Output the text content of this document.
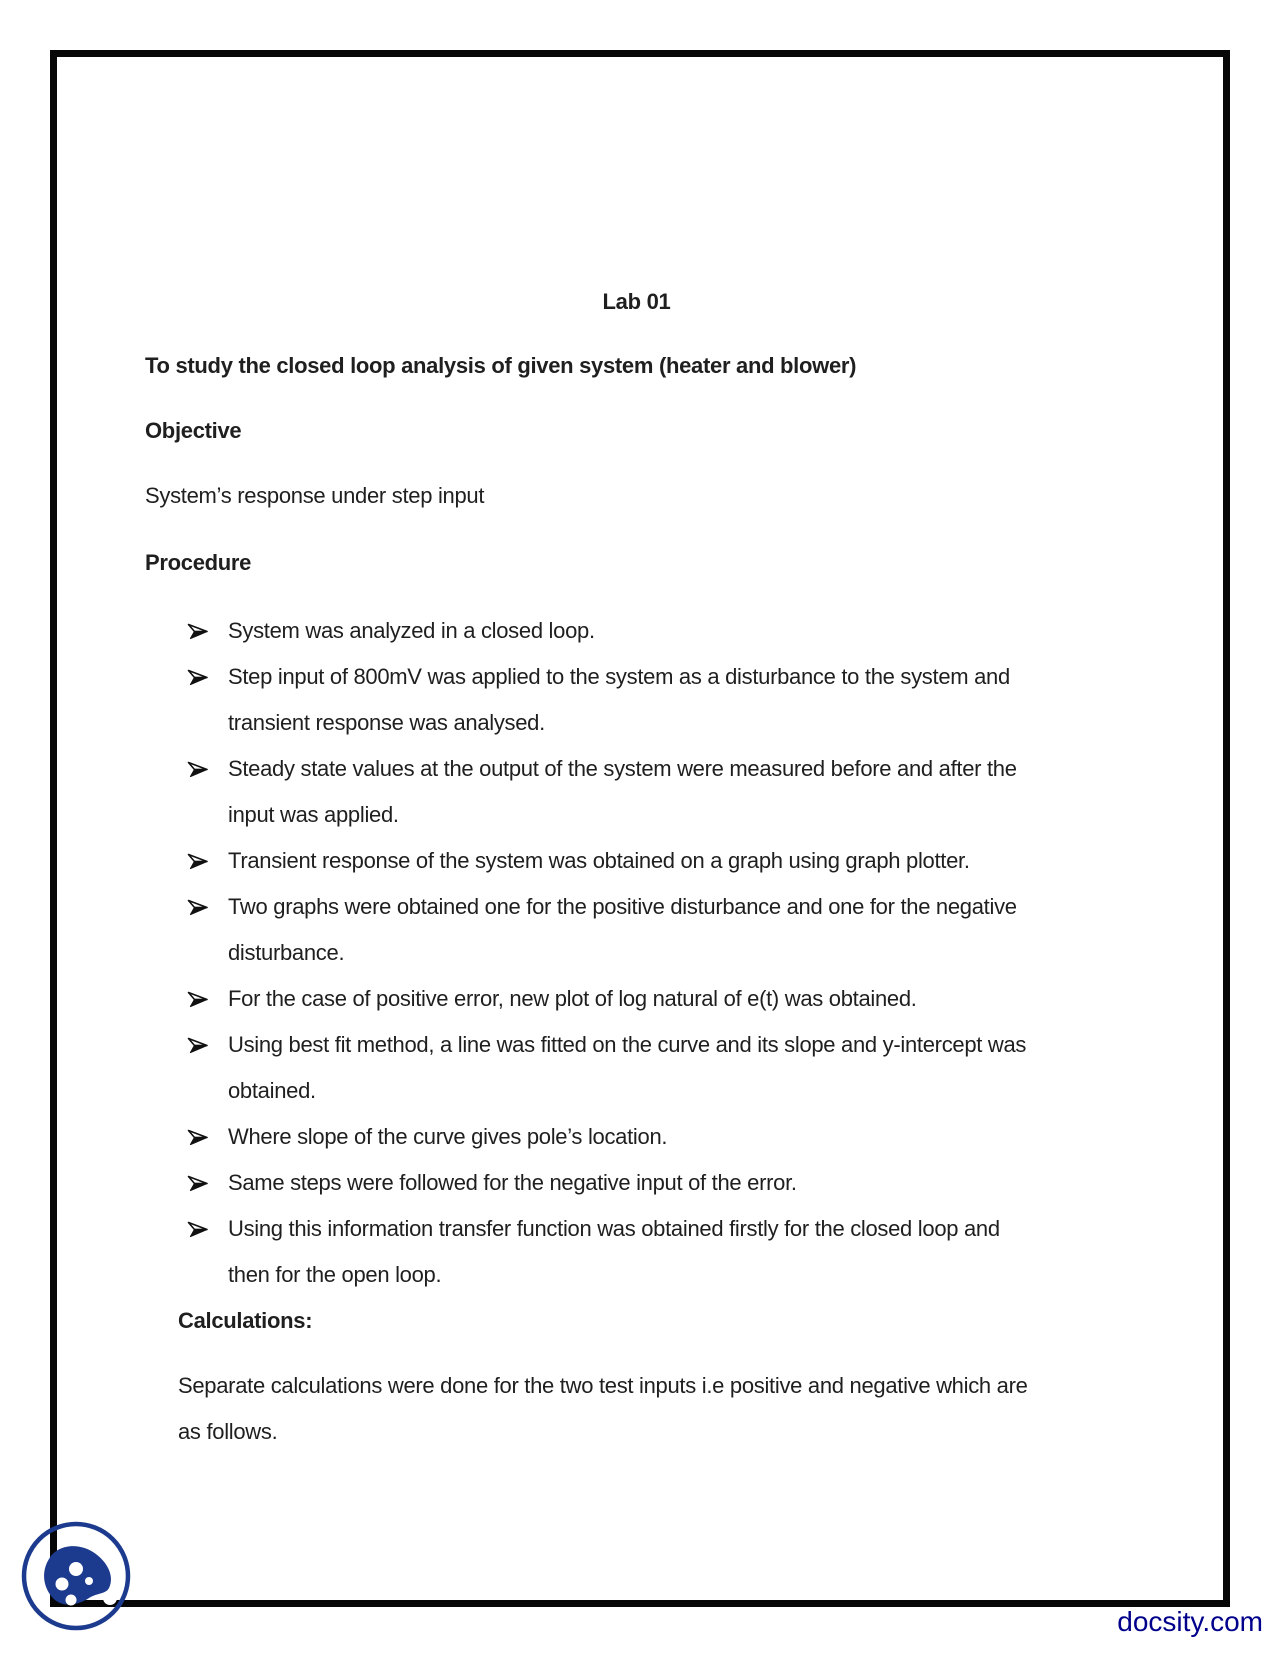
Lab 01
To study the closed loop analysis of given system (heater and blower)
Objective
System’s response under step input
Procedure
System was analyzed in a closed loop.
Step input of 800mV was applied to the system as a disturbance to the system and
transient response was analysed.
Steady state values at the output of the system were measured before and after the
input was applied.
Transient response of the system was obtained on a graph using graph plotter.
Two graphs were obtained one for the positive disturbance and one for the negative
disturbance.
For the case of positive error, new plot of log natural of e(t) was obtained.
Using best fit method, a line was fitted on the curve and its slope and y-intercept was
obtained.
Where slope of the curve gives pole’s location.
Same steps were followed for the negative input of the error.
Using this information transfer function was obtained firstly for the closed loop and
then for the open loop.
Calculations:
Separate calculations were done for the two test inputs i.e positive and negative which are
as follows.
docsity.com
